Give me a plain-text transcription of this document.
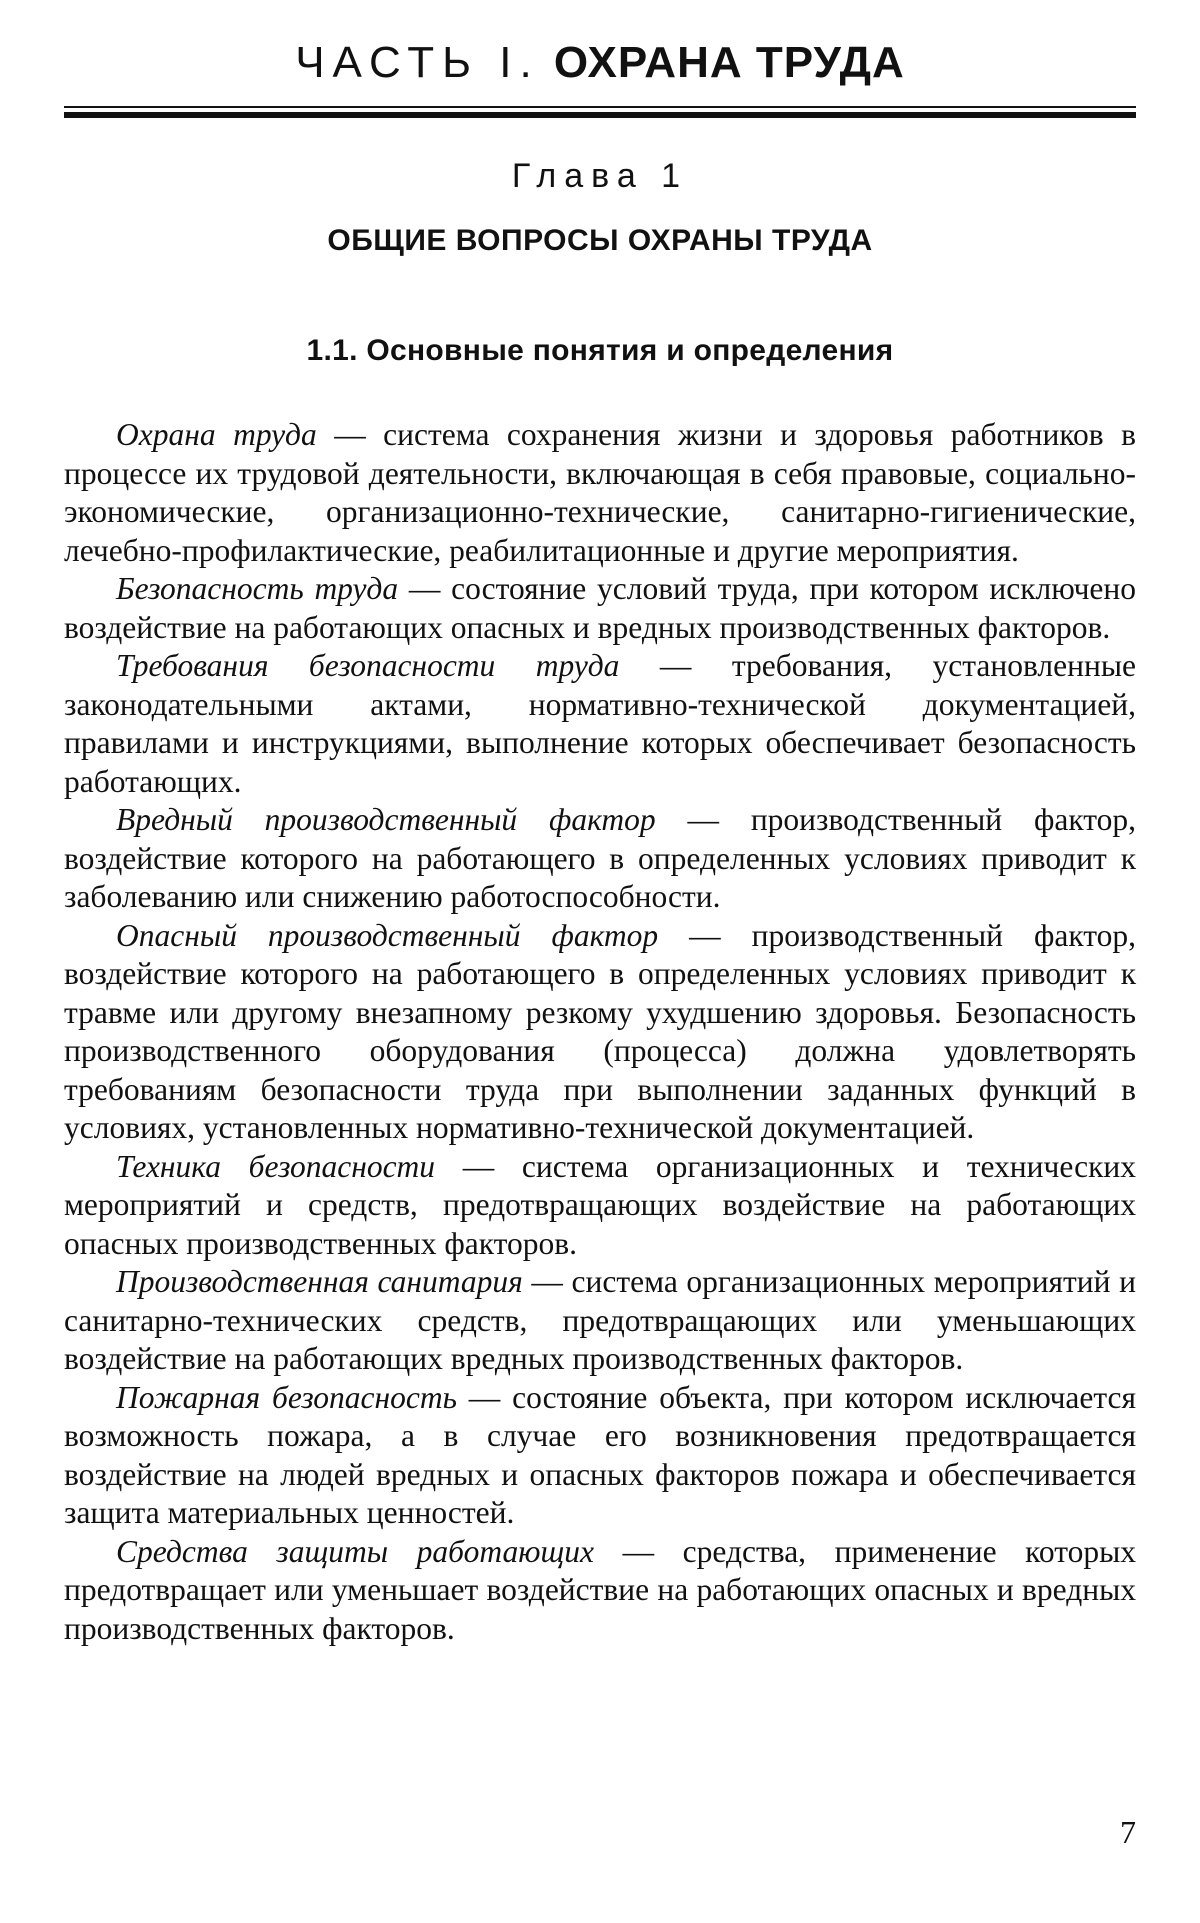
ЧАСТЬ I. ОХРАНА ТРУДА
Глава 1
ОБЩИЕ ВОПРОСЫ ОХРАНЫ ТРУДА
1.1. Основные понятия и определения

Охрана труда — система сохранения жизни и здоровья работников в процессе их трудовой деятельности, включающая в себя правовые, социально-экономические, организационно-технические, санитарно-гигиенические, лечебно-профилактические, реабилитационные и другие мероприятия.

Безопасность труда — состояние условий труда, при котором исключено воздействие на работающих опасных и вредных производственных факторов.

Требования безопасности труда — требования, установленные законодательными актами, нормативно-технической документацией, правилами и инструкциями, выполнение которых обеспечивает безопасность работающих.

Вредный производственный фактор — производственный фактор, воздействие которого на работающего в определенных условиях приводит к заболеванию или снижению работоспособности.

Опасный производственный фактор — производственный фактор, воздействие которого на работающего в определенных условиях приводит к травме или другому внезапному резкому ухудшению здоровья. Безопасность производственного оборудования (процесса) должна удовлетворять требованиям безопасности труда при выполнении заданных функций в условиях, установленных нормативно-технической документацией.

Техника безопасности — система организационных и технических мероприятий и средств, предотвращающих воздействие на работающих опасных производственных факторов.

Производственная санитария — система организационных мероприятий и санитарно-технических средств, предотвращающих или уменьшающих воздействие на работающих вредных производственных факторов.

Пожарная безопасность — состояние объекта, при котором исключается возможность пожара, а в случае его возникновения предотвращается воздействие на людей вредных и опасных факторов пожара и обеспечивается защита материальных ценностей.

Средства защиты работающих — средства, применение которых предотвращает или уменьшает воздействие на работающих опасных и вредных производственных факторов.

7
